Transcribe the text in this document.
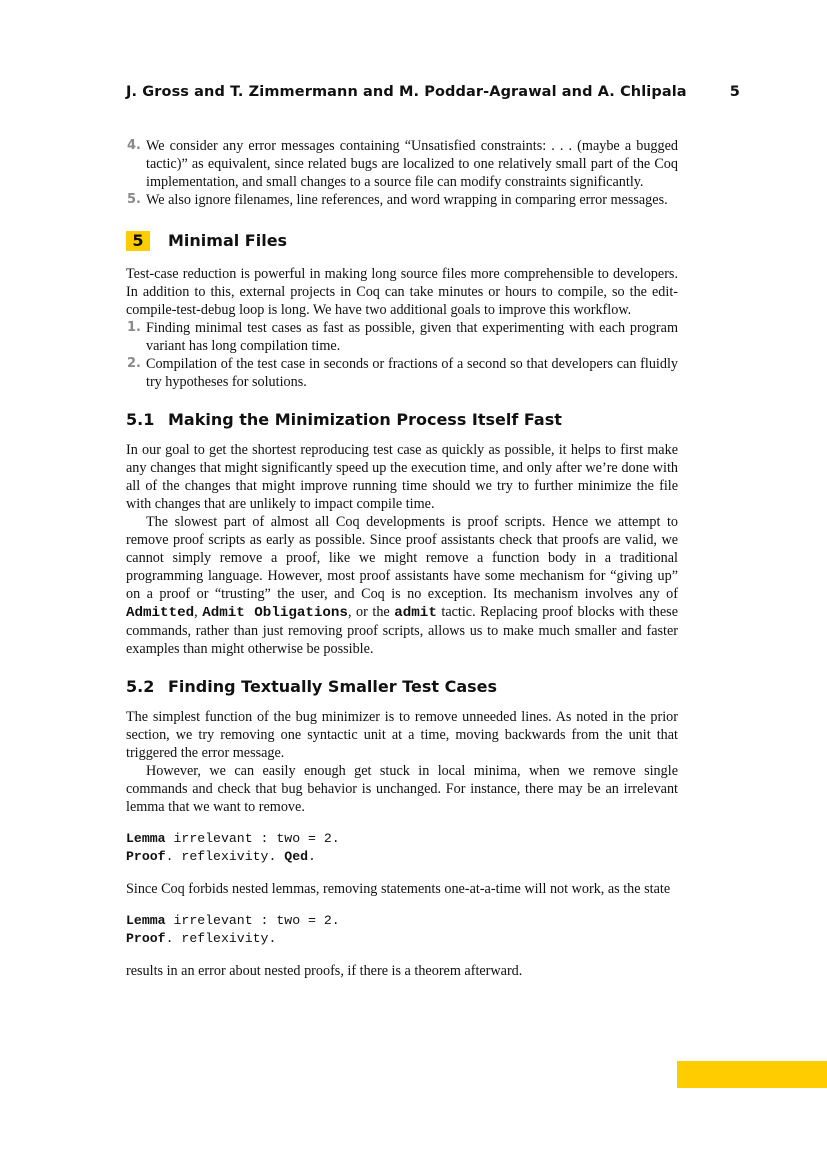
J. Gross and T. Zimmermann and M. Poddar-Agrawal and A. Chlipala	5
4. We consider any error messages containing “Unsatisfied constraints: . . . (maybe a bugged tactic)” as equivalent, since related bugs are localized to one relatively small part of the Coq implementation, and small changes to a source file can modify constraints significantly.
5. We also ignore filenames, line references, and word wrapping in comparing error messages.
5	Minimal Files

Test-case reduction is powerful in making long source files more comprehensible to developers. In addition to this, external projects in Coq can take minutes or hours to compile, so the edit-compile-test-debug loop is long. We have two additional goals to improve this workflow.

1. Finding minimal test cases as fast as possible, given that experimenting with each program variant has long compilation time.
2. Compilation of the test case in seconds or fractions of a second so that developers can fluidly try hypotheses for solutions.
5.1 Making the Minimization Process Itself Fast

In our goal to get the shortest reproducing test case as quickly as possible, it helps to first make any changes that might significantly speed up the execution time, and only after we’re done with all of the changes that might improve running time should we try to further minimize the file with changes that are unlikely to impact compile time.

The slowest part of almost all Coq developments is proof scripts. Hence we attempt to remove proof scripts as early as possible. Since proof assistants check that proofs are valid, we cannot simply remove a proof, like we might remove a function body in a traditional programming language. However, most proof assistants have some mechanism for “giving up” on a proof or “trusting” the user, and Coq is no exception. Its mechanism involves any of Admitted, Admit Obligations, or the admit tactic. Replacing proof blocks with these commands, rather than just removing proof scripts, allows us to make much smaller and faster examples than might otherwise be possible.

5.2 Finding Textually Smaller Test Cases

The simplest function of the bug minimizer is to remove unneeded lines. As noted in the prior section, we try removing one syntactic unit at a time, moving backwards from the unit that triggered the error message.

However, we can easily enough get stuck in local minima, when we remove single commands and check that bug behavior is unchanged. For instance, there may be an irrelevant lemma that we want to remove.

Lemma irrelevant : two = 2.
Proof. reflexivity. Qed.

Since Coq forbids nested lemmas, removing statements one-at-a-time will not work, as the state

Lemma irrelevant : two = 2.
Proof. reflexivity.

results in an error about nested proofs, if there is a theorem afterward.
